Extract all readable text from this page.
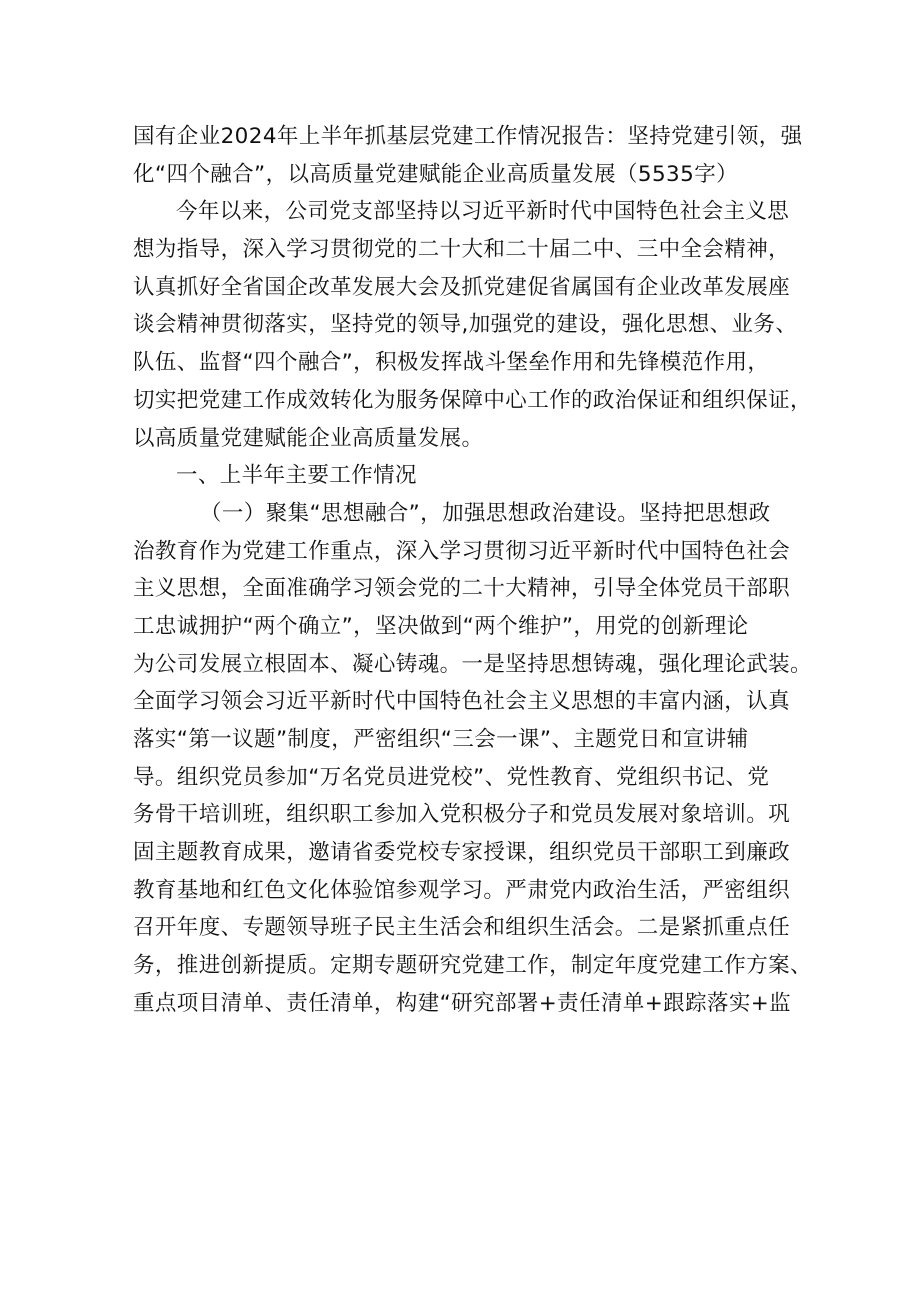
国有企业2024年上半年抓基层党建工作情况报告：坚持党建引领，强
化“四个融合”，以高质量党建赋能企业高质量发展（5535字）
今年以来，公司党支部坚持以习近平新时代中国特色社会主义思
想为指导，深入学习贯彻党的二十大和二十届二中、三中全会精神，
认真抓好全省国企改革发展大会及抓党建促省属国有企业改革发展座
谈会精神贯彻落实，坚持党的领导,加强党的建设，强化思想、业务、
队伍、监督“四个融合”，积极发挥战斗堡垒作用和先锋模范作用，
切实把党建工作成效转化为服务保障中心工作的政治保证和组织保证，
以高质量党建赋能企业高质量发展。
一、上半年主要工作情况
（一）聚集“思想融合”，加强思想政治建设。坚持把思想政
治教育作为党建工作重点，深入学习贯彻习近平新时代中国特色社会
主义思想，全面准确学习领会党的二十大精神，引导全体党员干部职
工忠诚拥护“两个确立”，坚决做到“两个维护”，用党的创新理论
为公司发展立根固本、凝心铸魂。一是坚持思想铸魂，强化理论武装。
全面学习领会习近平新时代中国特色社会主义思想的丰富内涵，认真
落实“第一议题”制度，严密组织“三会一课”、主题党日和宣讲辅
导。组织党员参加“万名党员进党校”、党性教育、党组织书记、党
务骨干培训班，组织职工参加入党积极分子和党员发展对象培训。巩
固主题教育成果，邀请省委党校专家授课，组织党员干部职工到廉政
教育基地和红色文化体验馆参观学习。严肃党内政治生活，严密组织
召开年度、专题领导班子民主生活会和组织生活会。二是紧抓重点任
务，推进创新提质。定期专题研究党建工作，制定年度党建工作方案、
重点项目清单、责任清单，构建“研究部署+责任清单+跟踪落实+监
